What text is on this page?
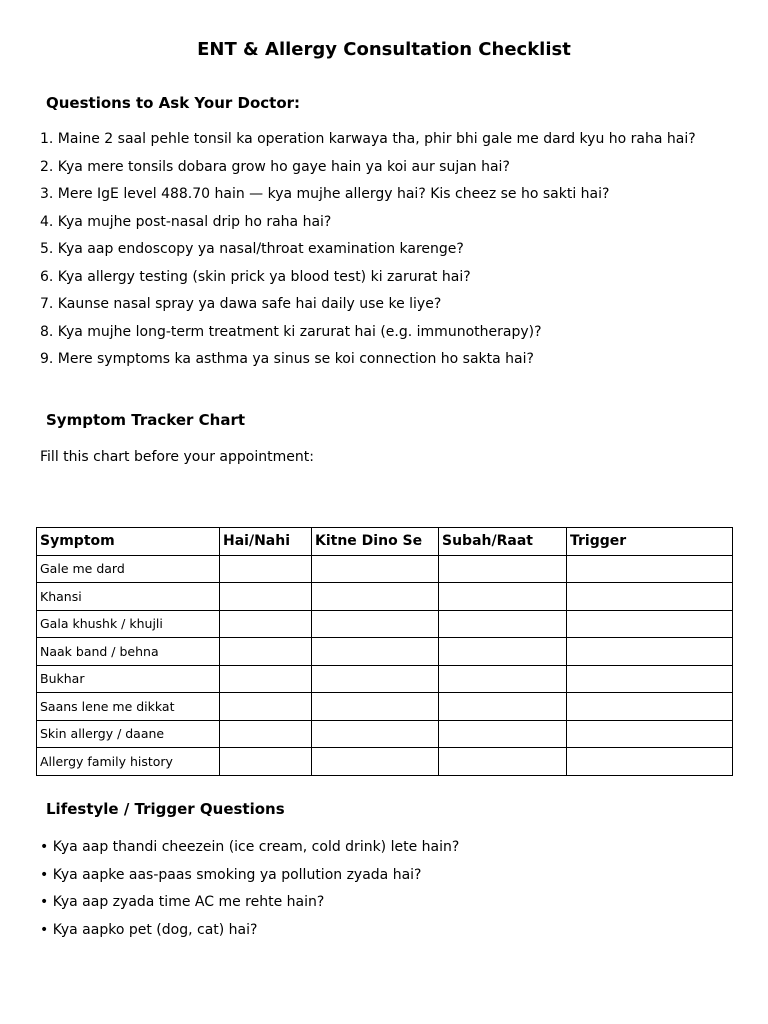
ENT & Allergy Consultation Checklist
Questions to Ask Your Doctor:
1. Maine 2 saal pehle tonsil ka operation karwaya tha, phir bhi gale me dard kyu ho raha hai?
2. Kya mere tonsils dobara grow ho gaye hain ya koi aur sujan hai?
3. Mere IgE level 488.70 hain — kya mujhe allergy hai? Kis cheez se ho sakti hai?
4. Kya mujhe post-nasal drip ho raha hai?
5. Kya aap endoscopy ya nasal/throat examination karenge?
6. Kya allergy testing (skin prick ya blood test) ki zarurat hai?
7. Kaunse nasal spray ya dawa safe hai daily use ke liye?
8. Kya mujhe long-term treatment ki zarurat hai (e.g. immunotherapy)?
9. Mere symptoms ka asthma ya sinus se koi connection ho sakta hai?
Symptom Tracker Chart

Fill this chart before your appointment:

Symptom	Hai/Nahi	Kitne Dino Se	Subah/Raat	Trigger
Gale me dard				
Khansi				
Gala khushk / khujli				
Naak band / behna				
Bukhar				
Saans lene me dikkat				
Skin allergy / daane				
Allergy family history				
Lifestyle / Trigger Questions
• Kya aap thandi cheezein (ice cream, cold drink) lete hain?
• Kya aapke aas-paas smoking ya pollution zyada hai?
• Kya aap zyada time AC me rehte hain?
• Kya aapko pet (dog, cat) hai?
